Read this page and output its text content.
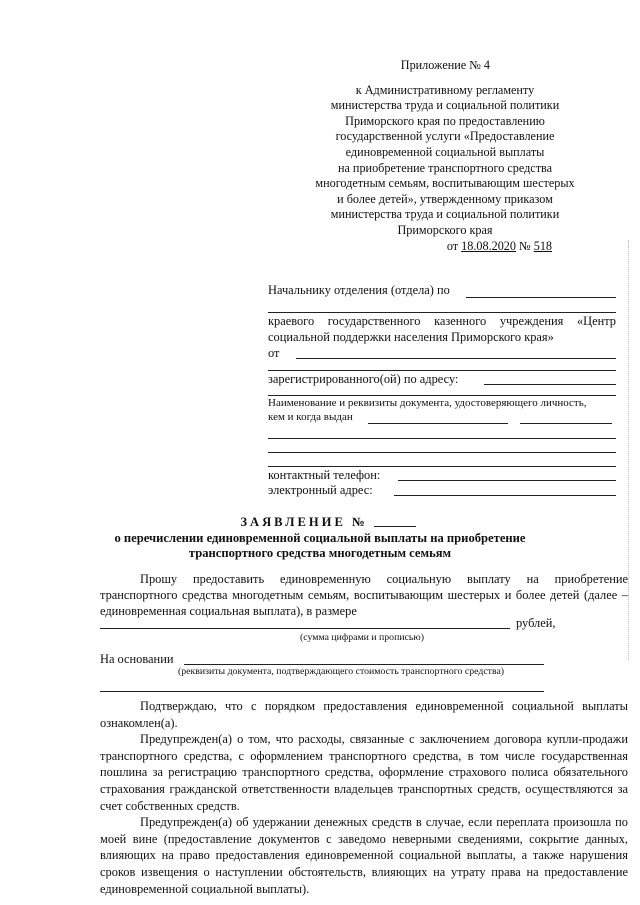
Приложение № 4
к Административному регламенту
министерства труда и социальной политики
Приморского края по предоставлению
государственной услуги «Предоставление
единовременной социальной выплаты
на приобретение транспортного средства
многодетным семьям, воспитывающим шестерых
и более детей», утвержденному приказом
министерства труда и социальной политики
Приморского края
от 18.08.2020 № 518
Начальнику отделения (отдела) по
краевого государственного казенного учреждения «Центр социальной поддержки населения Приморского края»
от
зарегистрированного(ой) по адресу:
Наименование и реквизиты документа, удостоверяющего личность,
кем и когда выдан
контактный телефон:
электронный адрес:
ЗАЯВЛЕНИЕ №
о перечислении единовременной социальной выплаты на приобретение
транспортного средства многодетным семьям

Прошу предоставить единовременную социальную выплату на приобретение транспортного средства многодетным семьям, воспитывающим шестерых и более детей (далее – единовременная социальная выплата), в размере

рублей,
(сумма цифрами и прописью)
На основании
(реквизиты документа, подтверждающего стоимость транспортного средства)

Подтверждаю, что с порядком предоставления единовременной социальной выплаты ознакомлен(а).

Предупрежден(а) о том, что расходы, связанные с заключением договора купли-продажи транспортного средства, с оформлением транспортного средства, в том числе государственная пошлина за регистрацию транспортного средства, оформление страхового полиса обязательного страхования гражданской ответственности владельцев транспортных средств, осуществляются за счет собственных средств.

Предупрежден(а) об удержании денежных средств в случае, если переплата произошла по моей вине (предоставление документов с заведомо неверными сведениями, сокрытие данных, влияющих на право предоставления единовременной социальной выплаты, а также нарушения сроков извещения о наступлении обстоятельств, влияющих на утрату права на предоставление единовременной социальной выплаты).
